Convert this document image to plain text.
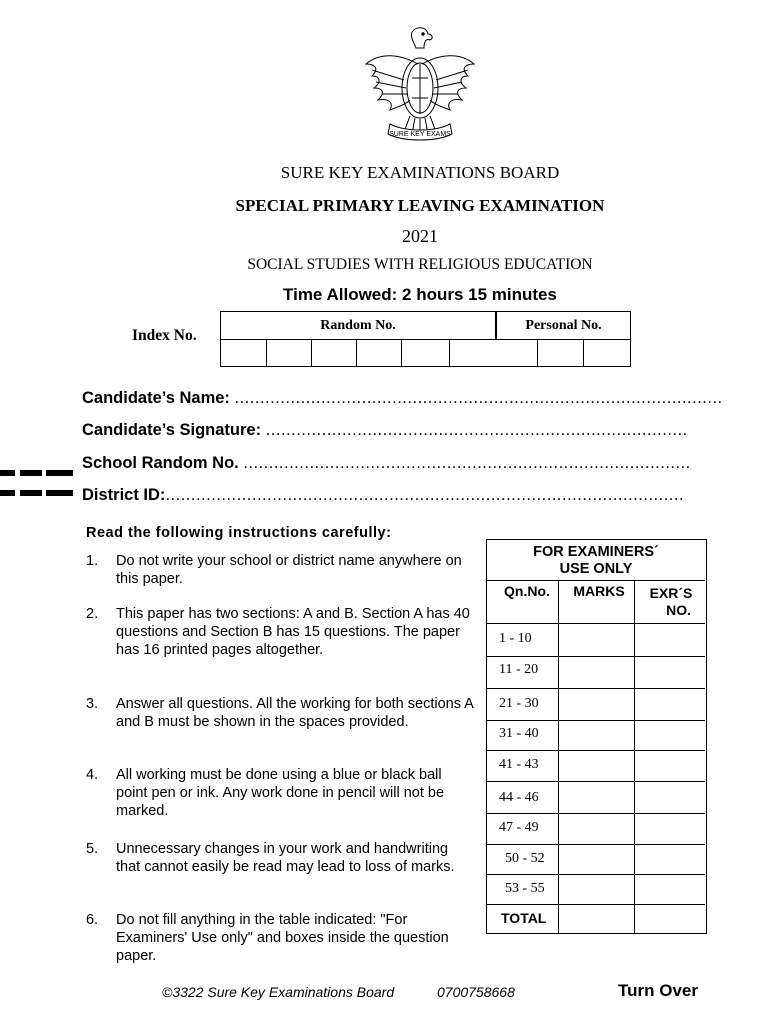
SURE KEY EXAMS
SURE KEY EXAMINATIONS BOARD
SPECIAL PRIMARY LEAVING EXAMINATION
2021
SOCIAL STUDIES WITH RELIGIOUS EDUCATION
Time Allowed: 2 hours 15 minutes
Index No.
Random No.	Personal No.
Candidate’s Name: ................................................................................................
Candidate’s Signature: ...................................................................................
School Random No. ........................................................................................
District ID:......................................................................................................
Read the following instructions carefully:
1. Do not write your school or district name anywhere on this paper.
2. This paper has two sections: A and B. Section A has 40 questions and Section B has 15 questions. The paper has 16 printed pages altogether.
3. Answer all questions. All the working for both sections A and B must be shown in the spaces provided.
4. All working must be done using a blue or black ball point pen or ink. Any work done in pencil will not be marked.
5. Unnecessary changes in your work and handwriting that cannot easily be read may lead to loss of marks.
6. Do not fill anything in the table indicated: "For Examiners' Use only" and boxes inside the question paper.
FOR EXAMINERS´
USE ONLY
Qn.No.	MARKS	EXR´S
NO.
1 - 10
11 - 20
21 - 30
31 - 40
41 - 43
44 - 46
47 - 49
50 - 52
53 - 55
TOTAL
©3322 Sure Key Examinations Board	0700758668	Turn Over
